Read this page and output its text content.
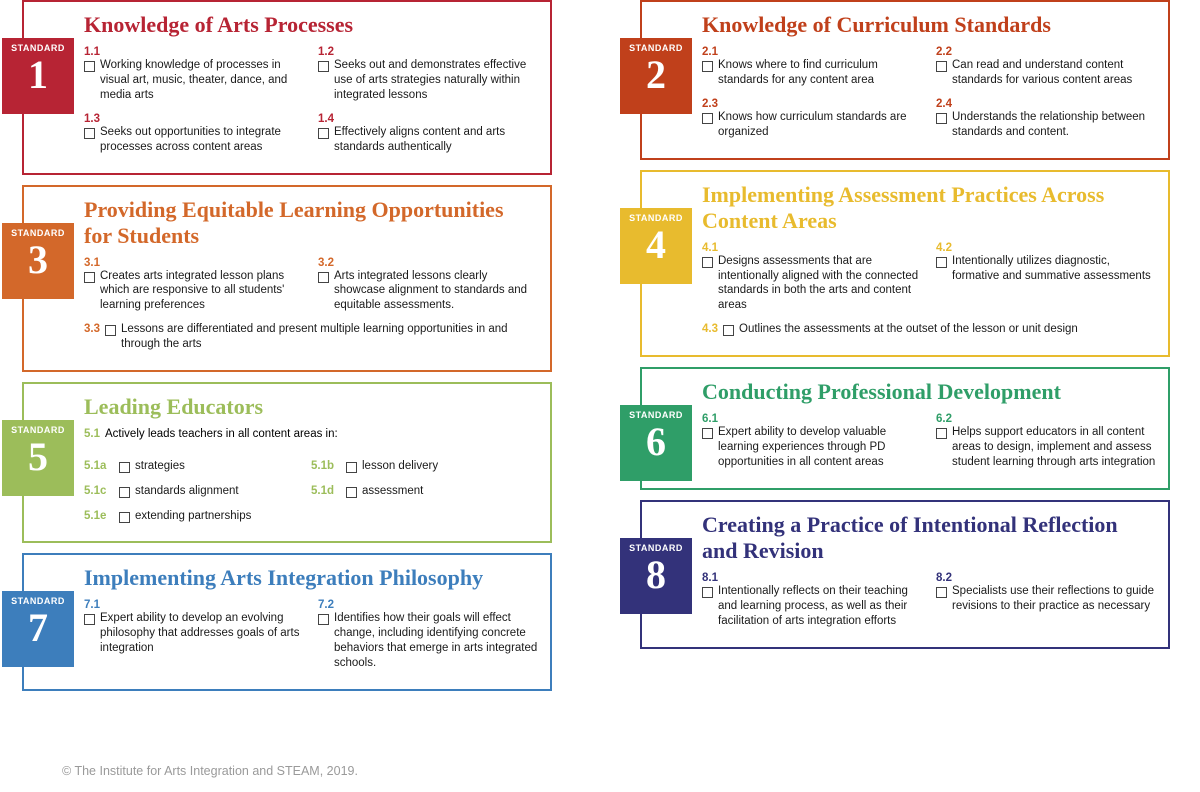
STANDARD
1
Knowledge of Arts Processes
1.1
Working knowledge of processes in visual art, music, theater, dance, and media arts
1.2
Seeks out and demonstrates effective use of arts strategies naturally within integrated lessons
1.3
Seeks out opportunities to integrate processes across content areas
1.4
Effectively aligns content and arts standards authentically
STANDARD
3
Providing Equitable Learning Opportunities for Students
3.1
Creates arts integrated lesson plans which are responsive to all students' learning preferences
3.2
Arts integrated lessons clearly showcase alignment to standards and equitable assessments.
3.3 Lessons are differentiated and present multiple learning opportunities in and through the arts
STANDARD
5
Leading Educators
5.1 Actively leads teachers in all content areas in:
5.1a	strategies	5.1b	lesson delivery
5.1c	standards alignment	5.1d	assessment
5.1e	extending partnerships
STANDARD
7
Implementing Arts Integration Philosophy
7.1
Expert ability to develop an evolving philosophy that addresses goals of arts integration
7.2
Identifies how their goals will effect change, including identifying concrete behaviors that emerge in arts integrated schools.
STANDARD
2
Knowledge of Curriculum Standards
2.1
Knows where to find curriculum standards for any content area
2.2
Can read and understand content standards for various content areas
2.3
Knows how curriculum standards are organized
2.4
Understands the relationship between standards and content.
STANDARD
4
Implementing Assessment Practices Across Content Areas
4.1
Designs assessments that are intentionally aligned with the connected standards in both the arts and content areas
4.2
Intentionally utilizes diagnostic, formative and summative assessments
4.3 Outlines the assessments at the outset of the lesson or unit design
STANDARD
6
Conducting Professional Development
6.1
Expert ability to develop valuable learning experiences through PD opportunities in all content areas
6.2
Helps support educators in all content areas to design, implement and assess student learning through arts integration
STANDARD
8
Creating a Practice of Intentional Reflection and Revision
8.1
Intentionally reflects on their teaching and learning process, as well as their facilitation of arts integration efforts
8.2
Specialists use their reflections to guide revisions to their practice as necessary
© The Institute for Arts Integration and STEAM, 2019.
